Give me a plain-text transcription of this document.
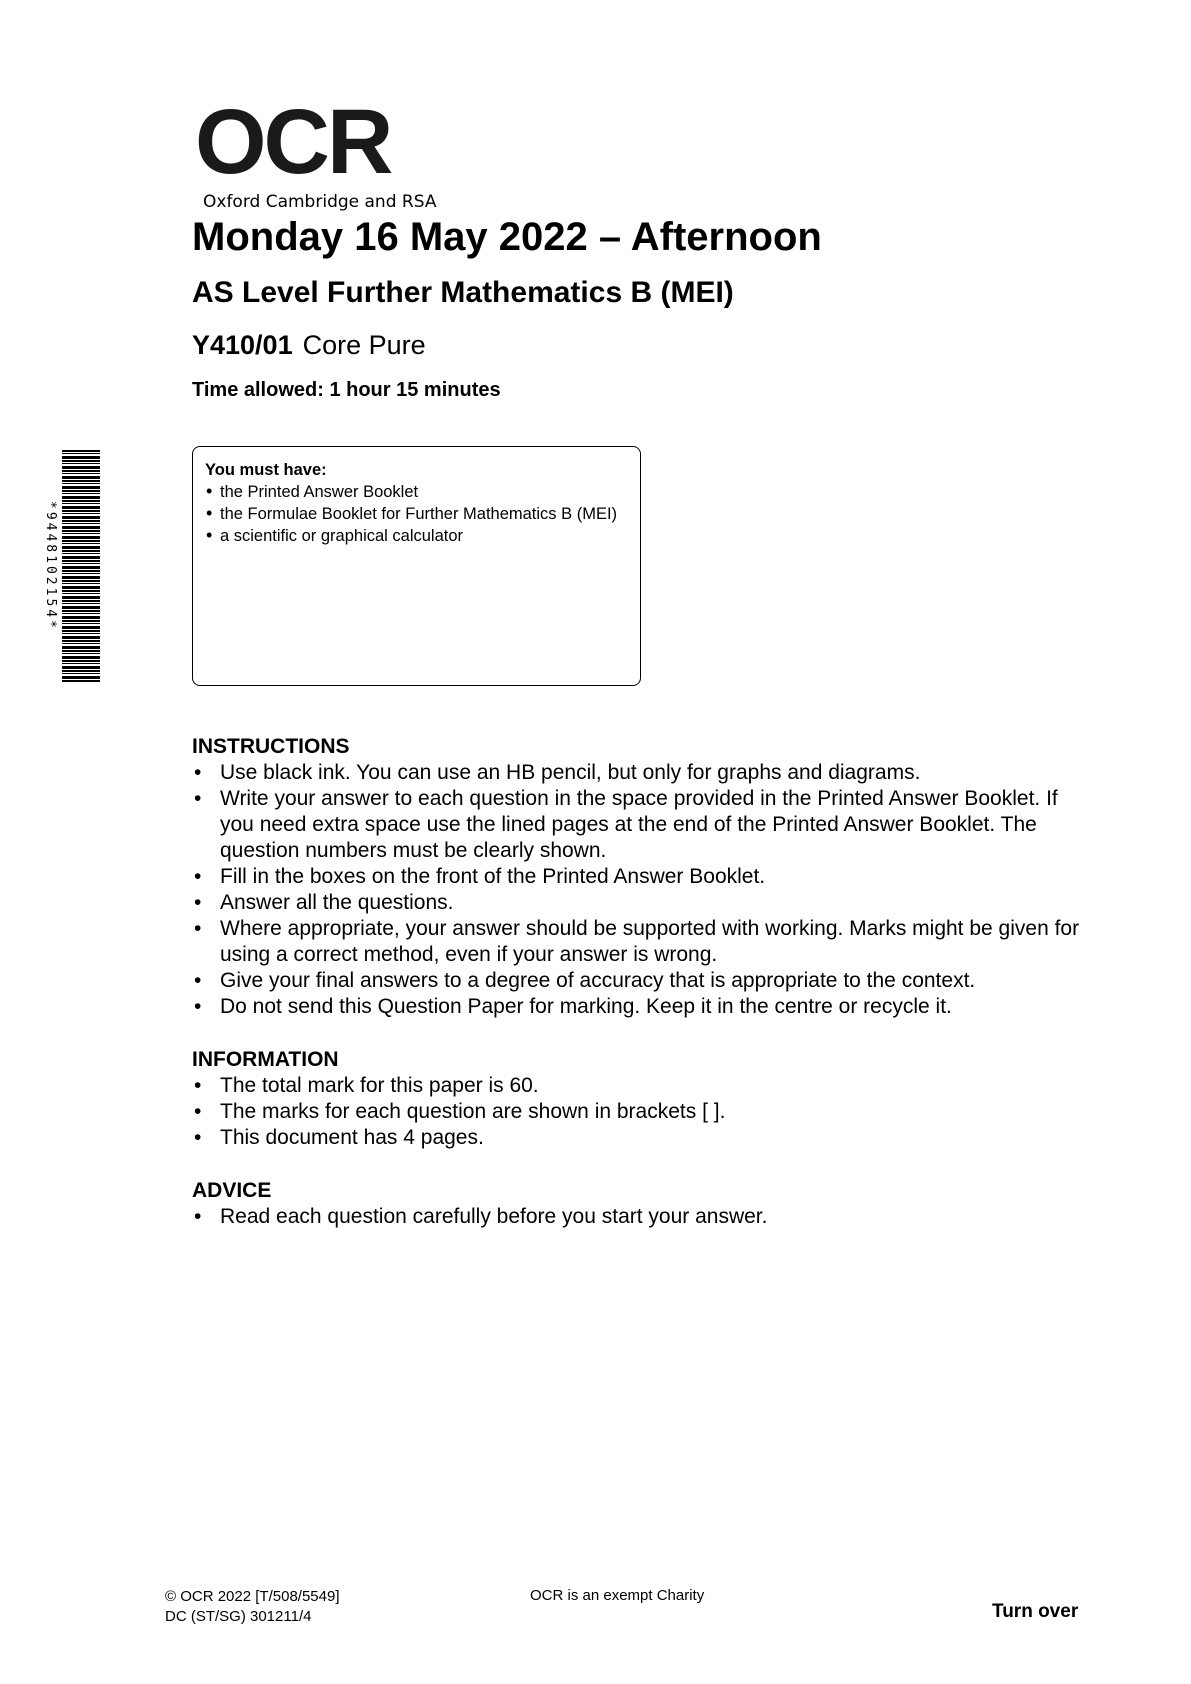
OCR
Oxford Cambridge and RSA
Monday 16 May 2022 – Afternoon
AS Level Further Mathematics B (MEI)
Y410/01 Core Pure
Time allowed: 1 hour 15 minutes
*9448102154*
You must have:
• the Printed Answer Booklet
• the Formulae Booklet for Further Mathematics B (MEI)
• a scientific or graphical calculator
INSTRUCTIONS
• Use black ink. You can use an HB pencil, but only for graphs and diagrams.
• Write your answer to each question in the space provided in the Printed Answer Booklet. If you need extra space use the lined pages at the end of the Printed Answer Booklet. The question numbers must be clearly shown.
• Fill in the boxes on the front of the Printed Answer Booklet.
• Answer all the questions.
• Where appropriate, your answer should be supported with working. Marks might be given for using a correct method, even if your answer is wrong.
• Give your final answers to a degree of accuracy that is appropriate to the context.
• Do not send this Question Paper for marking. Keep it in the centre or recycle it.
INFORMATION
• The total mark for this paper is 60.
• The marks for each question are shown in brackets [ ].
• This document has 4 pages.
ADVICE
• Read each question carefully before you start your answer.
© OCR 2022 [T/508/5549]
DC (ST/SG) 301211/4
OCR is an exempt Charity
Turn over
